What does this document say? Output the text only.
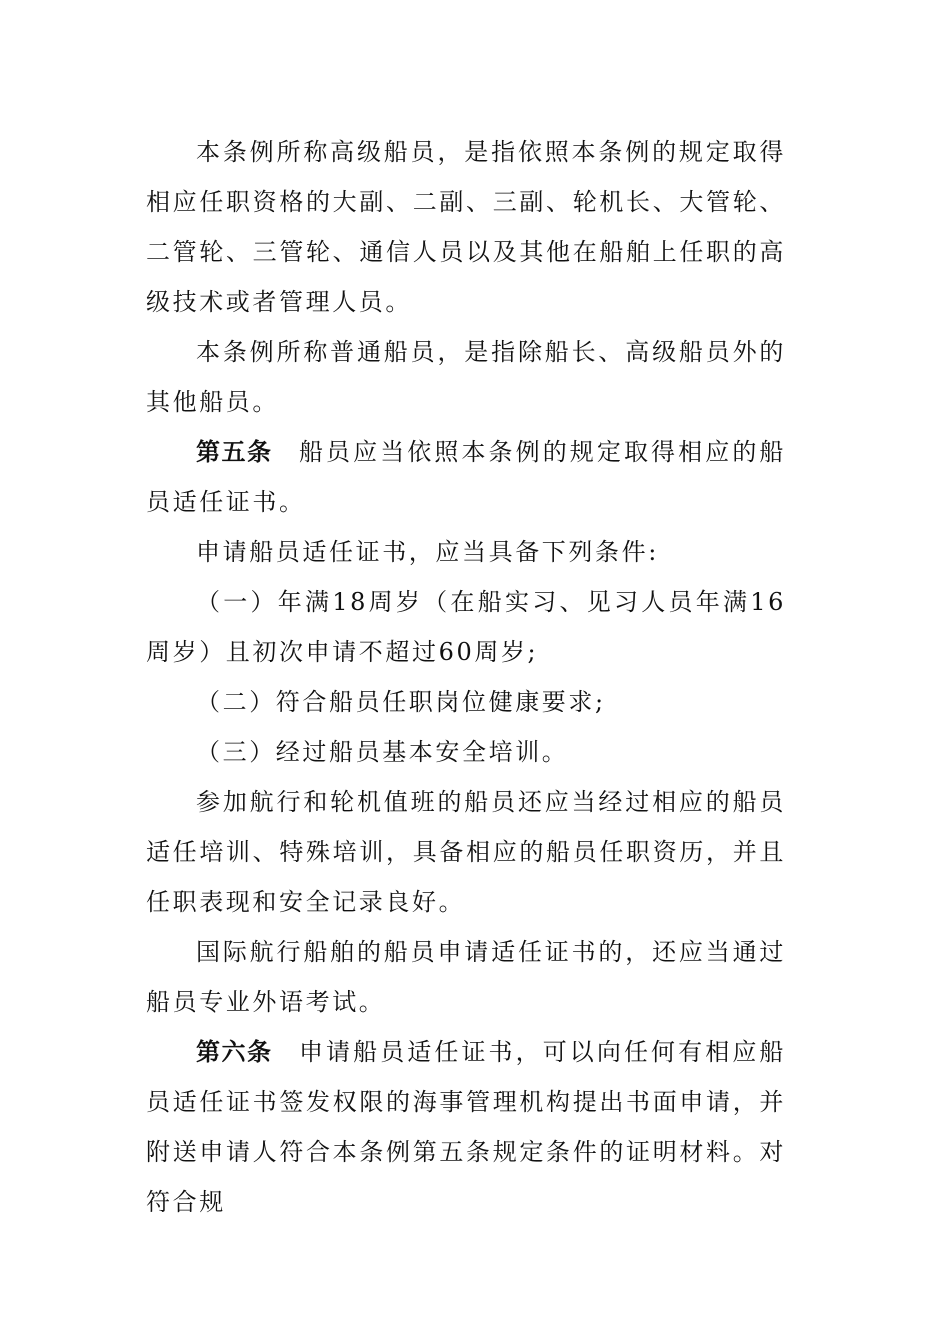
本条例所称高级船员，是指依照本条例的规定取得相应任职资格的大副、二副、三副、轮机长、大管轮、二管轮、三管轮、通信人员以及其他在船舶上任职的高级技术或者管理人员。

本条例所称普通船员，是指除船长、高级船员外的其他船员。

第五条 船员应当依照本条例的规定取得相应的船员适任证书。

申请船员适任证书，应当具备下列条件:

（一）年满18周岁（在船实习、见习人员年满16周岁）且初次申请不超过60周岁;

（二）符合船员任职岗位健康要求;

（三）经过船员基本安全培训。

参加航行和轮机值班的船员还应当经过相应的船员适任培训、特殊培训，具备相应的船员任职资历，并且任职表现和安全记录良好。

国际航行船舶的船员申请适任证书的，还应当通过船员专业外语考试。

第六条 申请船员适任证书，可以向任何有相应船员适任证书签发权限的海事管理机构提出书面申请，并附送申请人符合本条例第五条规定条件的证明材料。对符合规
